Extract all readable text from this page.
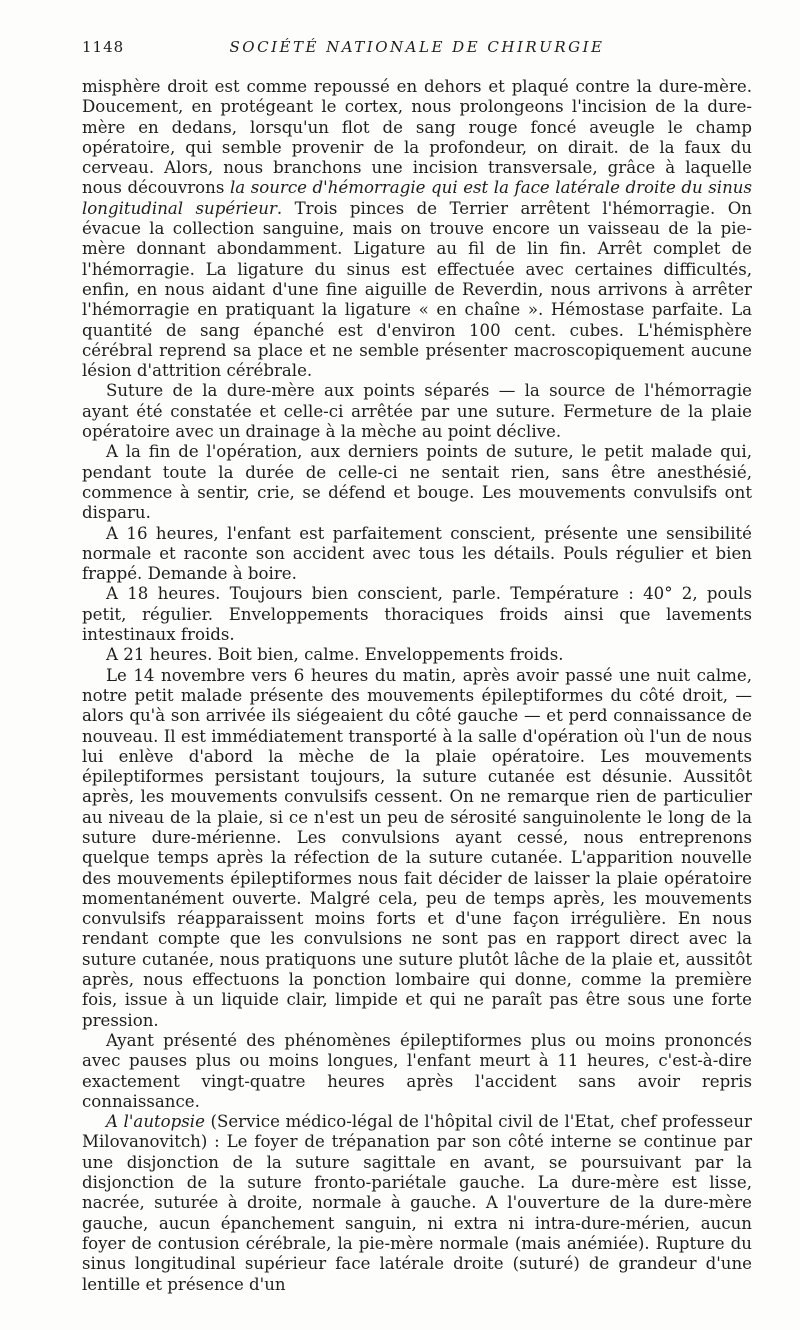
1148	SOCIÉTÉ NATIONALE DE CHIRURGIE

misphère droit est comme repoussé en dehors et plaqué contre la dure-mère. Doucement, en protégeant le cortex, nous prolongeons l'incision de la dure-mère en dedans, lorsqu'un flot de sang rouge foncé aveugle le champ opératoire, qui semble provenir de la profondeur, on dirait. de la faux du cerveau. Alors, nous branchons une incision transversale, grâce à laquelle nous découvrons la source d'hémorragie qui est la face latérale droite du sinus longitudinal supérieur. Trois pinces de Terrier arrêtent l'hémorragie. On évacue la collection sanguine, mais on trouve encore un vaisseau de la pie-mère donnant abondamment. Ligature au fil de lin fin. Arrêt complet de l'hémorragie. La ligature du sinus est effectuée avec certaines difficultés, enfin, en nous aidant d'une fine aiguille de Reverdin, nous arrivons à arrêter l'hémorragie en pratiquant la ligature « en chaîne ». Hémostase parfaite. La quantité de sang épanché est d'environ 100 cent. cubes. L'hémisphère cérébral reprend sa place et ne semble présenter macroscopiquement aucune lésion d'attrition cérébrale.

Suture de la dure-mère aux points séparés — la source de l'hémorragie ayant été constatée et celle-ci arrêtée par une suture. Fermeture de la plaie opératoire avec un drainage à la mèche au point déclive.

A la fin de l'opération, aux derniers points de suture, le petit malade qui, pendant toute la durée de celle-ci ne sentait rien, sans être anesthésié, commence à sentir, crie, se défend et bouge. Les mouvements convulsifs ont disparu.

A 16 heures, l'enfant est parfaitement conscient, présente une sensibilité normale et raconte son accident avec tous les détails. Pouls régulier et bien frappé. Demande à boire.

A 18 heures. Toujours bien conscient, parle. Température : 40° 2, pouls petit, régulier. Enveloppements thoraciques froids ainsi que lavements intestinaux froids.

A 21 heures. Boit bien, calme. Enveloppements froids.

Le 14 novembre vers 6 heures du matin, après avoir passé une nuit calme, notre petit malade présente des mouvements épileptiformes du côté droit, — alors qu'à son arrivée ils siégeaient du côté gauche — et perd connaissance de nouveau. Il est immédiatement transporté à la salle d'opération où l'un de nous lui enlève d'abord la mèche de la plaie opératoire. Les mouvements épileptiformes persistant toujours, la suture cutanée est désunie. Aussitôt après, les mouvements convulsifs cessent. On ne remarque rien de particulier au niveau de la plaie, si ce n'est un peu de sérosité sanguinolente le long de la suture dure-mérienne. Les convulsions ayant cessé, nous entreprenons quelque temps après la réfection de la suture cutanée. L'apparition nouvelle des mouvements épileptiformes nous fait décider de laisser la plaie opératoire momentanément ouverte. Malgré cela, peu de temps après, les mouvements convulsifs réapparaissent moins forts et d'une façon irrégulière. En nous rendant compte que les convulsions ne sont pas en rapport direct avec la suture cutanée, nous pratiquons une suture plutôt lâche de la plaie et, aussitôt après, nous effectuons la ponction lombaire qui donne, comme la première fois, issue à un liquide clair, limpide et qui ne paraît pas être sous une forte pression.

Ayant présenté des phénomènes épileptiformes plus ou moins prononcés avec pauses plus ou moins longues, l'enfant meurt à 11 heures, c'est-à-dire exactement vingt-quatre heures après l'accident sans avoir repris connaissance.

A l'autopsie (Service médico-légal de l'hôpital civil de l'Etat, chef professeur Milovanovitch) : Le foyer de trépanation par son côté interne se continue par une disjonction de la suture sagittale en avant, se poursuivant par la disjonction de la suture fronto-pariétale gauche. La dure-mère est lisse, nacrée, suturée à droite, normale à gauche. A l'ouverture de la dure-mère gauche, aucun épanchement sanguin, ni extra ni intra-dure-mérien, aucun foyer de contusion cérébrale, la pie-mère normale (mais anémiée). Rupture du sinus longitudinal supérieur face latérale droite (suturé) de grandeur d'une lentille et présence d'un
